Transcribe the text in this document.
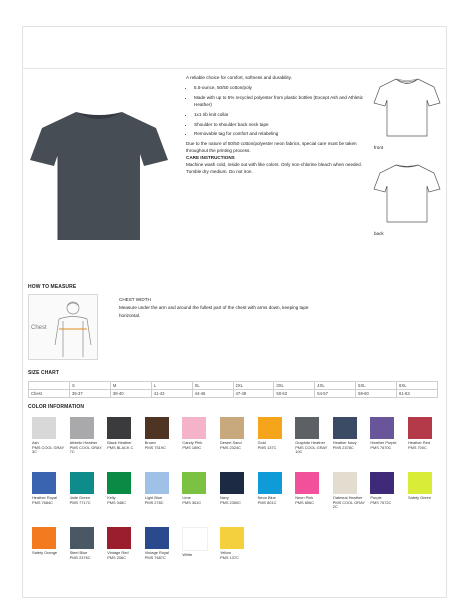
A reliable choice for comfort, softness and durability.

• 5.5-ounce, 50/50 cotton/poly
• Made with up to 5% recycled polyester from plastic bottles (Except Ash and Athletic Heather)
• 1x1 rib knit collar
• Shoulder to shoulder back neck tape
• Removable tag for comfort and relabeling

Due to the nature of 50/50 cotton/polyester neon fabrics, special care must be taken throughout the printing process.

CARE INSTRUCTIONS

Machine wash cold, inside out with like colors. Only non-chlorine bleach when needed. Tumble dry medium. Do not iron.

front
back
HOW TO MEASURE
Chest

CHEST WIDTH

Measure under the arm and around the fullest part of the chest with arms down, keeping tape horizontal.

SIZE CHART
	S	M	L	XL	2XL	3XL	4XL	5XL	6XL
Chest	35-37	38-40	41-43	44-46	47-49	50-53	54-57	58-60	61-63
COLOR INFORMATION
Ash
PMS COOL GRAY 3C
Athletic Heather
PMS COOL GRAY 7C
Black Heather
PMS BLACK C
Brown
PMS 7519C
Candy Pink
PMS 189C
Desert Sand
PMS 2324C
Gold
PMS 137C
Graphite Heather
PMS COOL GRAY 10C
Heather Navy
PMS 2378C
Heather Purple
PMS 7670C
Heather Red
PMS 700C
Heather Royal
PMS 7684C
Jade Green
PMS 7717C
Kelly
PMS 348C
Light Blue
PMS 278C
Lime
PMS 361C
Navy
PMS 2350C
Neon Blue
PMS 801C
Neon Pink
PMS 806C
Oatmeal Heather
PMS COOL GRAY 2C
Purple
PMS 7672C
Safety Green
Safety Orange	Steel Blue
PMS 2376C
Vintage Red
PMS 206C
Vintage Royal
PMS 7687C
White	Yellow
PMS 137C
